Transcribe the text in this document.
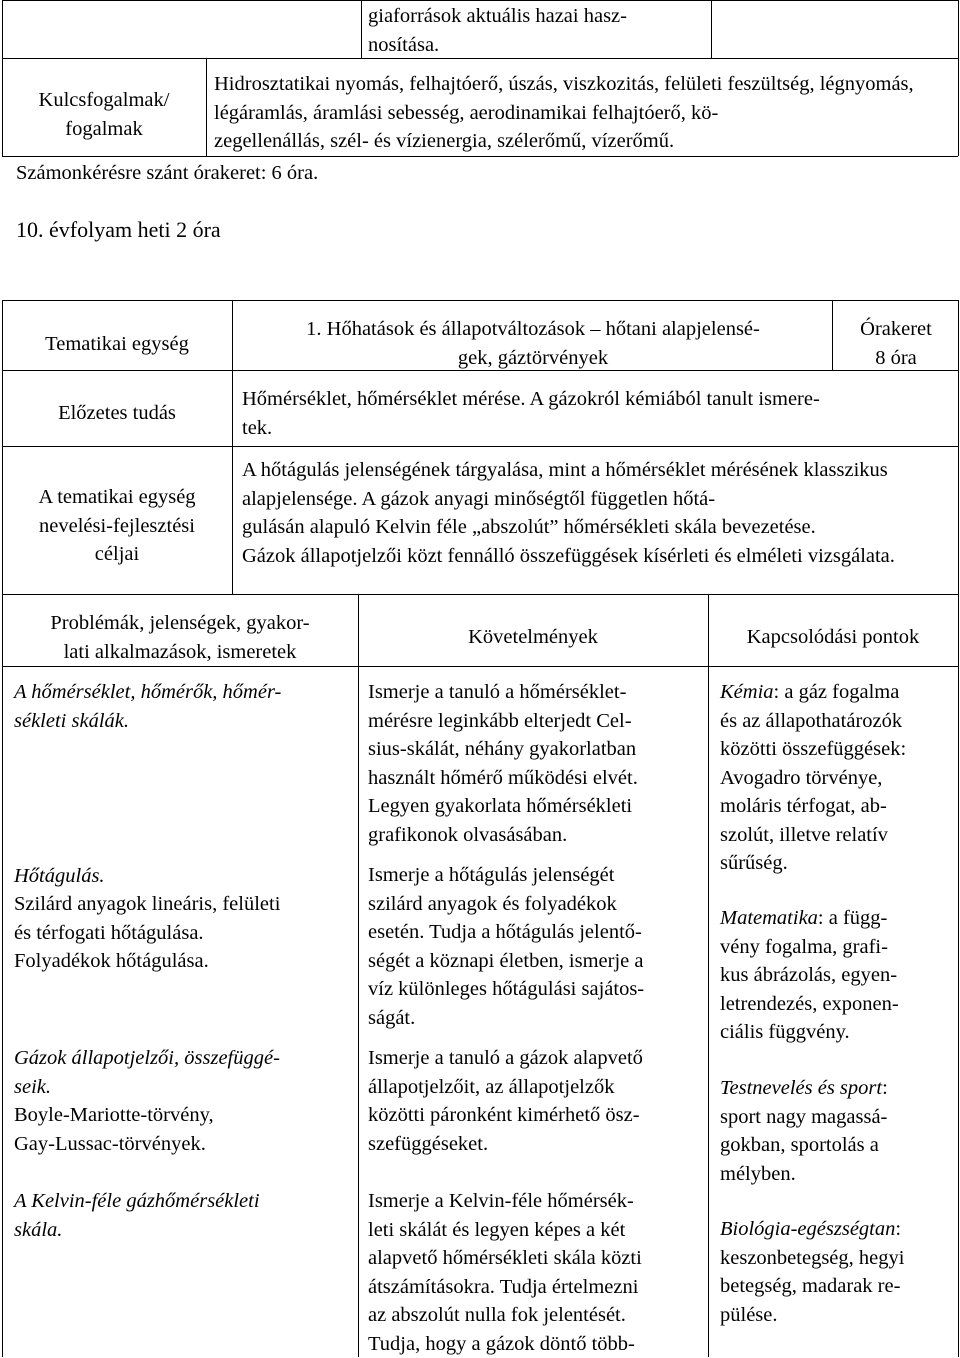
giaforrások aktuális hazai hasz-
nosítása.
Kulcsfogalmak/
fogalmak
Hidrosztatikai nyomás, felhajtóerő, úszás, viszkozitás, felületi feszültség, légnyomás, légáramlás, áramlási sebesség, aerodinamikai felhajtóerő, kö-
zegellenállás, szél- és vízienergia, szélerőmű, vízerőmű.
Számonkérésre szánt órakeret: 6 óra.
10. évfolyam heti 2 óra
Tematikai egység
1. Hőhatások és állapotváltozások – hőtani alapjelensé-
gek, gáztörvények
Órakeret
8 óra
Előzetes tudás
Hőmérséklet, hőmérséklet mérése. A gázokról kémiából tanult ismere-
tek.
A tematikai egység
nevelési-fejlesztési
céljai
A hőtágulás jelenségének tárgyalása, mint a hőmérséklet mérésének klasszikus alapjelensége. A gázok anyagi minőségtől független hőtá-
gulásán alapuló Kelvin féle „abszolút” hőmérsékleti skála bevezetése.
Gázok állapotjelzői közt fennálló összefüggések kísérleti és elméleti vizsgálata.
Problémák, jelenségek, gyakor-
lati alkalmazások, ismeretek
Követelmények	Kapcsolódási pontok
A hőmérséklet, hőmérők, hőmér-
sékleti skálák.
Hőtágulás.
Szilárd anyagok lineáris, felületi
és térfogati hőtágulása.
Folyadékok hőtágulása.
Gázok állapotjelzői, összefüggé-
seik.
Boyle-Mariotte-törvény,
Gay-Lussac-törvények.
A Kelvin-féle gázhőmérsékleti
skála.
Ismerje a tanuló a hőmérséklet-
mérésre leginkább elterjedt Cel-
sius-skálát, néhány gyakorlatban
használt hőmérő működési elvét.
Legyen gyakorlata hőmérsékleti
grafikonok olvasásában.
Ismerje a hőtágulás jelenségét
szilárd anyagok és folyadékok
esetén. Tudja a hőtágulás jelentő-
ségét a köznapi életben, ismerje a
víz különleges hőtágulási sajátos-
ságát.
Ismerje a tanuló a gázok alapvető
állapotjelzőit, az állapotjelzők
közötti páronként kimérhető ösz-
szefüggéseket.
Ismerje a Kelvin-féle hőmérsék-
leti skálát és legyen képes a két
alapvető hőmérsékleti skála közti
átszámításokra. Tudja értelmezni
az abszolút nulla fok jelentését.
Tudja, hogy a gázok döntő több-
Kémia: a gáz fogalma
és az állapothatározók
közötti összefüggések:
Avogadro törvénye,
moláris térfogat, ab-
szolút, illetve relatív
sűrűség.
Matematika: a függ-
vény fogalma, grafi-
kus ábrázolás, egyen-
letrendezés, exponen-
ciális függvény.
Testnevelés és sport:
sport nagy magassá-
gokban, sportolás a
mélyben.
Biológia-egészségtan:
keszonbetegség, hegyi
betegség, madarak re-
pülése.
